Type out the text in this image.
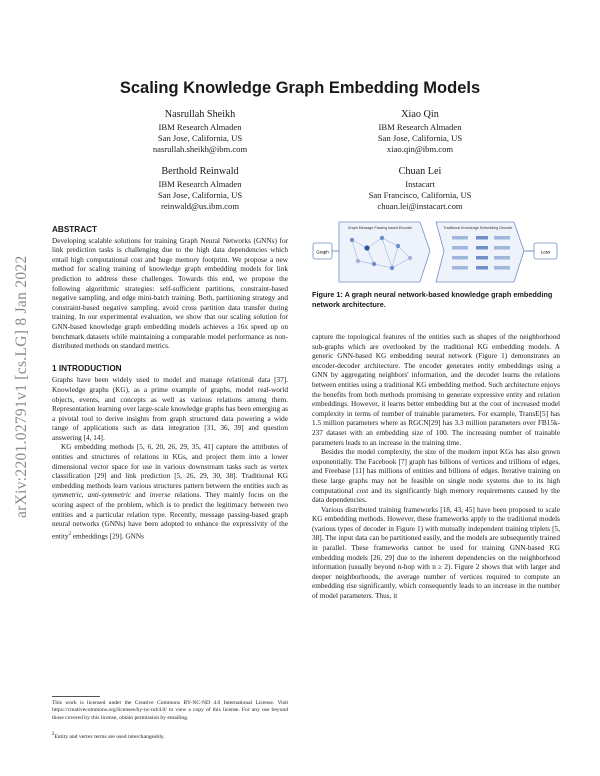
arXiv:2201.02791v1 [cs.LG] 8 Jan 2022
Scaling Knowledge Graph Embedding Models
Nasrullah Sheikh
IBM Research Almaden
San Jose, California, US
nasrullah.sheikh@ibm.com
Xiao Qin
IBM Research Almaden
San Jose, California, US
xiao.qin@ibm.com
Berthold Reinwald
IBM Research Almaden
San Jose, California, US
reinwald@us.ibm.com
Chuan Lei
Instacart
San Francisco, California, US
chuan.lei@instacart.com
ABSTRACT

Developing scalable solutions for training Graph Neural Networks (GNNs) for link prediction tasks is challenging due to the high data dependencies which entail high computational cost and huge memory footprint. We propose a new method for scaling training of knowledge graph embedding models for link prediction to address these challenges. Towards this end, we propose the following algorithmic strategies: self-sufficient partitions, constraint-based negative sampling, and edge mini-batch training. Both, partitioning strategy and constraint-based negative sampling, avoid cross partition data transfer during training. In our experimental evaluation, we show that our scaling solution for GNN-based knowledge graph embedding models achieves a 16x speed up on benchmark datasets while maintaining a comparable model performance as non-distributed methods on standard metrics.

1 INTRODUCTION

Graphs have been widely used to model and manage relational data [37]. Knowledge graphs (KG), as a prime example of graphs, model real-world objects, events, and concepts as well as various relations among them. Representation learning over large-scale knowledge graphs has been emerging as a pivotal tool to derive insights from graph structured data powering a wide range of applications such as data integration [31, 36, 39] and question answering [4, 14].

KG embedding methods [5, 6, 20, 26, 29, 35, 41] capture the attributes of entities and structures of relations in KGs, and project them into a lower dimensional vector space for use in various downstream tasks such as vertex classification [29] and link prediction [5, 26, 29, 30, 38]. Traditional KG embedding methods learn various structures pattern between the entities such as symmetric, anti-symmetric and inverse relations. They mainly focus on the scoring aspect of the problem, which is to predict the legitimacy between two entities and a particular relation type. Recently, message passing-based graph neural networks (GNNs) have been adopted to enhance the expressivity of the entity$^2$ embeddings [29]. GNNs

This work is licensed under the Creative Commons BY-NC-ND 4.0 International License. Visit https://creativecommons.org/licenses/by-nc-nd/4.0/ to view a copy of this license. For any use beyond those covered by this license, obtain permission by emailing.
$^2$Entity and vertex terms are used interchangeably.
Graph
Graph Message Passing based Encoder	Traditional Knowledge Embedding Decoder
Loss
Figure 1: A graph neural network-based knowledge graph embedding network architecture.

capture the topological features of the entities such as shapes of the neighborhood sub-graphs which are overlooked by the traditional KG embedding models. A generic GNN-based KG embedding neural network (Figure 1) demonstrates an encoder-decoder architecture. The encoder generates entity embeddings using a GNN by aggregating neighbors' information, and the decoder learns the relations between entities using a traditional KG embedding method. Such architecture enjoys the benefits from both methods promising to generate expressive entity and relation embeddings. However, it learns better embedding but at the cost of increased model complexity in terms of number of trainable parameters. For example, TransE[5] has 1.5 million parameters where as RGCN[29] has 3.3 million parameters over FB15k-237 dataset with an embedding size of 100. The increasing number of trainable parameters leads to an increase in the training time.

Besides the model complexity, the size of the modern input KGs has also grown exponentially. The Facebook [7] graph has billions of vertices and trillions of edges, and Freebase [11] has millions of entities and billions of edges. Iterative training on these large graphs may not be feasible on single node systems due to its high computational cost and its significantly high memory requirements caused by the data dependencies.

Various distributed training frameworks [18, 43, 45] have been proposed to scale KG embedding methods. However, these frameworks apply to the traditional models (various types of decoder in Figure 1) with mutually independent training triplets [5, 38]. The input data can be partitioned easily, and the models are subsequently trained in parallel. These frameworks cannot be used for training GNN-based KG embedding models [26, 29] due to the inherent dependencies on the neighborhood information (usually beyond n-hop with n ≥ 2). Figure 2 shows that with larger and deeper neighborhoods, the average number of vertices required to compute an embedding rise significantly, which consequently leads to an increase in the number of model parameters. Thus, it
